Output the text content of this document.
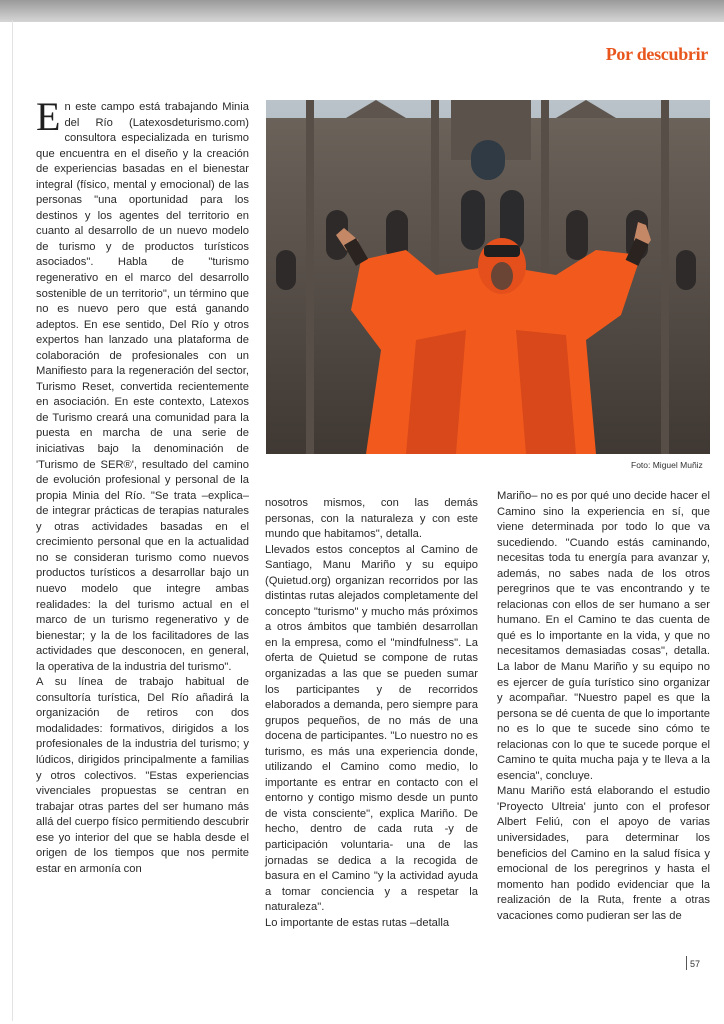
Por descubrir
E n este campo está trabajando Minia del Río (Latexosdeturismo.com) consultora especializada en turismo que encuentra en el diseño y la creación de experiencias basadas en el bienestar integral (físico, mental y emocional) de las personas "una oportunidad para los destinos y los agentes del territorio en cuanto al desarrollo de un nuevo modelo de turismo y de productos turísticos asociados". Habla de "turismo regenerativo en el marco del desarrollo sostenible de un territorio", un término que no es nuevo pero que está ganando adeptos. En ese sentido, Del Río y otros expertos han lanzado una plataforma de colaboración de profesionales con un Manifiesto para la regeneración del sector, Turismo Reset, convertida recientemente en asociación. En este contexto, Latexos de Turismo creará una comunidad para la puesta en marcha de una serie de iniciativas bajo la denominación de 'Turismo de SER®', resultado del camino de evolución profesional y personal de la propia Minia del Río. "Se trata –explica– de integrar prácticas de terapias naturales y otras actividades basadas en el crecimiento personal que en la actualidad no se consideran turismo como nuevos productos turísticos a desarrollar bajo un nuevo modelo que integre ambas realidades: la del turismo actual en el marco de un turismo regenerativo y de bienestar; y la de los facilitadores de las actividades que desconocen, en general, la operativa de la industria del turismo".
A su línea de trabajo habitual de consultoría turística, Del Río añadirá la organización de retiros con dos modalidades: formativos, dirigidos a los profesionales de la industria del turismo; y lúdicos, dirigidos principalmente a familias y otros colectivos. "Estas experiencias vivenciales propuestas se centran en trabajar otras partes del ser humano más allá del cuerpo físico permitiendo descubrir ese yo interior del que se habla desde el origen de los tiempos que nos permite estar en armonía con

Foto: Miguel Muñiz

nosotros mismos, con las demás personas, con la naturaleza y con este mundo que habitamos", detalla.
Llevados estos conceptos al Camino de Santiago, Manu Mariño y su equipo (Quietud.org) organizan recorridos por las distintas rutas alejados completamente del concepto "turismo" y mucho más próximos a otros ámbitos que también desarrollan en la empresa, como el "mindfulness". La oferta de Quietud se compone de rutas organizadas a las que se pueden sumar los participantes y de recorridos elaborados a demanda, pero siempre para grupos pequeños, de no más de una docena de participantes. "Lo nuestro no es turismo, es más una experiencia donde, utilizando el Camino como medio, lo importante es entrar en contacto con el entorno y contigo mismo desde un punto de vista consciente", explica Mariño. De hecho, dentro de cada ruta -y de participación voluntaria- una de las jornadas se dedica a la recogida de basura en el Camino "y la actividad ayuda a tomar conciencia y a respetar la naturaleza".
Lo importante de estas rutas –detalla

Mariño– no es por qué uno decide hacer el Camino sino la experiencia en sí, que viene determinada por todo lo que va sucediendo. "Cuando estás caminando, necesitas toda tu energía para avanzar y, además, no sabes nada de los otros peregrinos que te vas encontrando y te relacionas con ellos de ser humano a ser humano. En el Camino te das cuenta de qué es lo importante en la vida, y que no necesitamos demasiadas cosas", detalla. La labor de Manu Mariño y su equipo no es ejercer de guía turístico sino organizar y acompañar. "Nuestro papel es que la persona se dé cuenta de que lo importante no es lo que te sucede sino cómo te relacionas con lo que te sucede porque el Camino te quita mucha paja y te lleva a la esencia", concluye.
Manu Mariño está elaborando el estudio 'Proyecto Ultreia' junto con el profesor Albert Feliú, con el apoyo de varias universidades, para determinar los beneficios del Camino en la salud física y emocional de los peregrinos y hasta el momento han podido evidenciar que la realización de la Ruta, frente a otras vacaciones como pudieran ser las de

57
